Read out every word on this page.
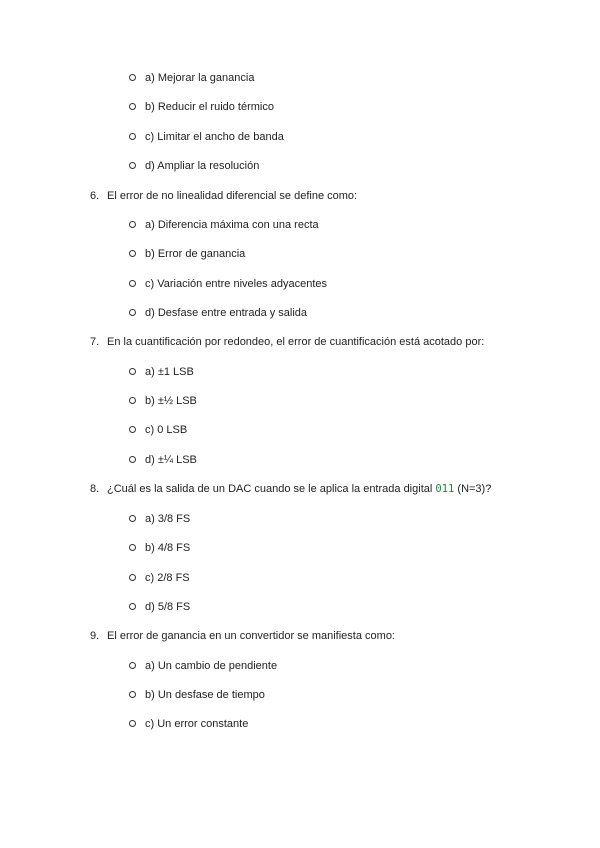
a) Mejorar la ganancia
b) Reducir el ruido térmico
c) Limitar el ancho de banda
d) Ampliar la resolución
6. El error de no linealidad diferencial se define como:
a) Diferencia máxima con una recta
b) Error de ganancia
c) Variación entre niveles adyacentes
d) Desfase entre entrada y salida
7. En la cuantificación por redondeo, el error de cuantificación está acotado por:
a) ±1 LSB
b) ±½ LSB
c) 0 LSB
d) ±¼ LSB
8. ¿Cuál es la salida de un DAC cuando se le aplica la entrada digital 011 (N=3)?
a) 3/8 FS
b) 4/8 FS
c) 2/8 FS
d) 5/8 FS
9. El error de ganancia en un convertidor se manifiesta como:
a) Un cambio de pendiente
b) Un desfase de tiempo
c) Un error constante
